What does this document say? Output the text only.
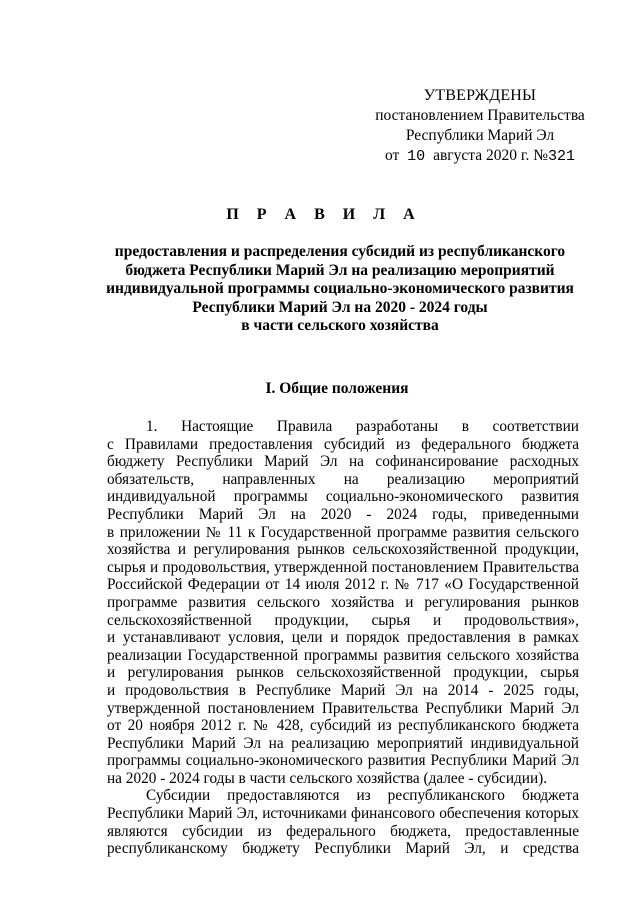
УТВЕРЖДЕНЫ
постановлением Правительства
Республики Марий Эл
от 10 августа 2020 г. №321
П Р А В И Л А
предоставления и распределения субсидий из республиканского
бюджета Республики Марий Эл на реализацию мероприятий
индивидуальной программы социально-экономического развития
Республики Марий Эл на 2020 - 2024 годы
в части сельского хозяйства
I. Общие положения

1. Настоящие Правила разработаны в соответствии
с Правилами предоставления субсидий из федерального бюджета
бюджету Республики Марий Эл на софинансирование расходных
обязательств, направленных на реализацию мероприятий
индивидуальной программы социально-экономического развития
Республики Марий Эл на 2020 - 2024 годы, приведенными
в приложении № 11 к Государственной программе развития сельского
хозяйства и регулирования рынков сельскохозяйственной продукции,
сырья и продовольствия, утвержденной постановлением Правительства
Российской Федерации от 14 июля 2012 г. № 717 «О Государственной
программе развития сельского хозяйства и регулирования рынков
сельскохозяйственной продукции, сырья и продовольствия»,
и устанавливают условия, цели и порядок предоставления в рамках
реализации Государственной программы развития сельского хозяйства
и регулирования рынков сельскохозяйственной продукции, сырья
и продовольствия в Республике Марий Эл на 2014 - 2025 годы,
утвержденной постановлением Правительства Республики Марий Эл
от 20 ноября 2012 г. № 428, субсидий из республиканского бюджета
Республики Марий Эл на реализацию мероприятий индивидуальной
программы социально-экономического развития Республики Марий Эл
на 2020 - 2024 годы в части сельского хозяйства (далее - субсидии).

Субсидии предоставляются из республиканского бюджета
Республики Марий Эл, источниками финансового обеспечения которых
являются субсидии из федерального бюджета, предоставленные
республиканскому бюджету Республики Марий Эл, и средства
